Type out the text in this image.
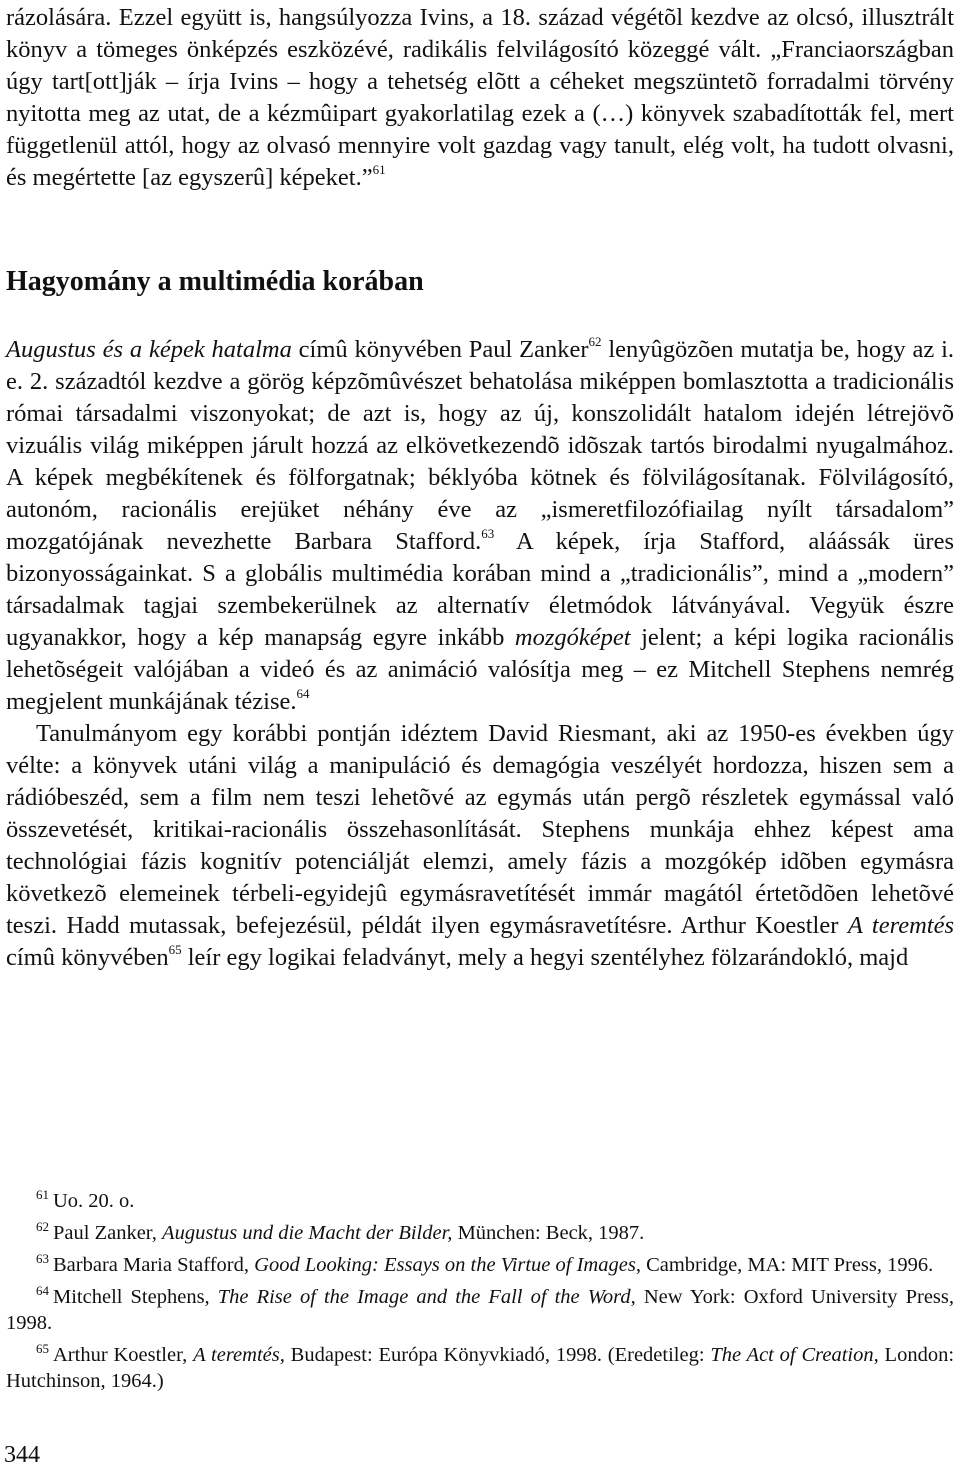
rázolására. Ezzel együtt is, hangsúlyozza Ivins, a 18. század végétõl kezdve az olcsó, illusztrált könyv a tömeges önképzés eszközévé, radikális felvilágosító közeggé vált. „Franciaországban úgy tart[ott]ják – írja Ivins – hogy a tehetség elõtt a céheket megszüntetõ forradalmi törvény nyitotta meg az utat, de a kézmûipart gyakorlatilag ezek a (…) könyvek szabadították fel, mert függetlenül attól, hogy az olvasó mennyire volt gazdag vagy tanult, elég volt, ha tudott olvasni, és megértette [az egyszerû] képeket.”$^{61}$

Hagyomány a multimédia korában

Augustus és a képek hatalma címû könyvében Paul Zanker$^{62}$ lenyûgözõen mutatja be, hogy az i. e. 2. századtól kezdve a görög képzõmûvészet behatolása miképpen bomlasztotta a tradicionális római társadalmi viszonyokat; de azt is, hogy az új, konszolidált hatalom idején létrejövõ vizuális világ miképpen járult hozzá az elkövetkezendõ idõszak tartós birodalmi nyugalmához. A képek megbékítenek és fölforgatnak; béklyóba kötnek és fölvilágosítanak. Fölvilágosító, autonóm, racionális erejüket néhány éve az „ismeretfilozófiailag nyílt társadalom” mozgatójának nevezhette Barbara Stafford.$^{63}$ A képek, írja Stafford, aláássák üres bizonyosságainkat. S a globális multimédia korában mind a „tradicionális”, mind a „modern” társadalmak tagjai szembekerülnek az alternatív életmódok látványával. Vegyük észre ugyanakkor, hogy a kép manapság egyre inkább mozgóképet jelent; a képi logika racionális lehetõségeit valójában a videó és az animáció valósítja meg – ez Mitchell Stephens nemrég megjelent munkájának tézise.$^{64}$

Tanulmányom egy korábbi pontján idéztem David Riesmant, aki az 1950-es években úgy vélte: a könyvek utáni világ a manipuláció és demagógia veszélyét hordozza, hiszen sem a rádióbeszéd, sem a film nem teszi lehetõvé az egymás után pergõ részletek egymással való összevetését, kritikai-racionális összehasonlítását. Stephens munkája ehhez képest ama technológiai fázis kognitív potenciálját elemzi, amely fázis a mozgókép idõben egymásra következõ elemeinek térbeli-egyidejû egymásravetítését immár magától értetõdõen lehetõvé teszi. Hadd mutassak, befejezésül, példát ilyen egymásravetítésre. Arthur Koestler A teremtés címû könyvében$^{65}$ leír egy logikai feladványt, mely a hegyi szentélyhez fölzarándokló, majd

$^{61}$ Uo. 20. o.

$^{62}$ Paul Zanker, Augustus und die Macht der Bilder, München: Beck, 1987.

$^{63}$ Barbara Maria Stafford, Good Looking: Essays on the Virtue of Images, Cambridge, MA: MIT Press, 1996.

$^{64}$ Mitchell Stephens, The Rise of the Image and the Fall of the Word, New York: Oxford University Press, 1998.

$^{65}$ Arthur Koestler, A teremtés, Budapest: Európa Könyvkiadó, 1998. (Eredetileg: The Act of Creation, London: Hutchinson, 1964.)

344
